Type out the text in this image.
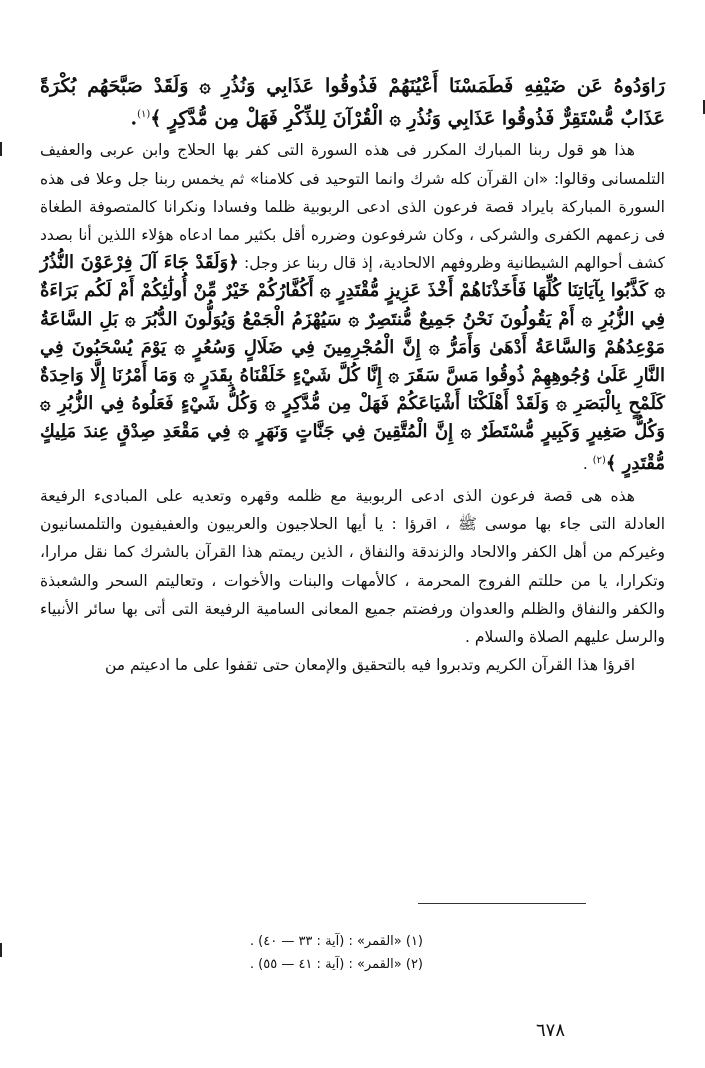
رَاوَدُوهُ عَن ضَيْفِهِ فَطَمَسْنَا أَعْيُنَهُمْ فَذُوقُوا عَذَابِي وَنُذُرِ ۞ وَلَقَدْ صَبَّحَهُم بُكْرَةً عَذَابٌ مُّسْتَقِرٌّ فَذُوقُوا عَذَابِي وَنُذُرِ ۞ الْقُرْآنَ لِلذِّكْرِ فَهَلْ مِن مُّدَّكِرٍ ﴾$^{(١)}$.

هذا هو قول ربنا المبارك المكرر فى هذه السورة التى كفر بها الحلاج وابن عربى والعفيف التلمسانى وقالوا: «ان القرآن كله شرك وانما التوحيد فى كلامنا» ثم يخمس ربنا جل وعلا فى هذه السورة المباركة بايراد قصة فرعون الذى ادعى الربوبية ظلما وفسادا ونكرانا كالمتصوفة الطغاة فى زعمهم الكفرى والشركى ، وكان شرفوعون وضرره أقل بكثير مما ادعاه هؤلاء اللذين أنا بصدد كشف أحوالهم الشيطانية وظروفهم الالحادية، إذ قال ربنا عز وجل: ﴿وَلَقَدْ جَاءَ آلَ فِرْعَوْنَ النُّذُرُ ۞ كَذَّبُوا بِآيَاتِنَا كُلِّهَا فَأَخَذْنَاهُمْ أَخْذَ عَزِيزٍ مُّقْتَدِرٍ ۞ أَكُفَّارُكُمْ خَيْرٌ مِّنْ أُولَٰئِكُمْ أَمْ لَكُم بَرَاءَةٌ فِي الزُّبُرِ ۞ أَمْ يَقُولُونَ نَحْنُ جَمِيعٌ مُّنتَصِرٌ ۞ سَيُهْزَمُ الْجَمْعُ وَيُوَلُّونَ الدُّبُرَ ۞ بَلِ السَّاعَةُ مَوْعِدُهُمْ وَالسَّاعَةُ أَدْهَىٰ وَأَمَرُّ ۞ إِنَّ الْمُجْرِمِينَ فِي ضَلَالٍ وَسُعُرٍ ۞ يَوْمَ يُسْحَبُونَ فِي النَّارِ عَلَىٰ وُجُوهِهِمْ ذُوقُوا مَسَّ سَقَرَ ۞ إِنَّا كُلَّ شَيْءٍ خَلَقْنَاهُ بِقَدَرٍ ۞ وَمَا أَمْرُنَا إِلَّا وَاحِدَةٌ كَلَمْحٍ بِالْبَصَرِ ۞ وَلَقَدْ أَهْلَكْنَا أَشْيَاعَكُمْ فَهَلْ مِن مُّدَّكِرٍ ۞ وَكُلُّ شَيْءٍ فَعَلُوهُ فِي الزُّبُرِ ۞ وَكُلُّ صَغِيرٍ وَكَبِيرٍ مُّسْتَطَرٌ ۞ إِنَّ الْمُتَّقِينَ فِي جَنَّاتٍ وَنَهَرٍ ۞ فِي مَقْعَدِ صِدْقٍ عِندَ مَلِيكٍ مُّقْتَدِرٍ ﴾$^{(٢)}$ .

هذه هى قصة فرعون الذى ادعى الربوبية مع ظلمه وقهره وتعديه على المبادىء الرفيعة العادلة التى جاء بها موسى ﷺ ، اقرؤا : يا أيها الحلاجيون والعربيون والعفيفيون والتلمسانيون وغيركم من أهل الكفر والالحاد والزندقة والنفاق ، الذين ريمتم هذا القرآن بالشرك كما نقل مرارا، وتكرارا، يا من حللتم الفروج المحرمة ، كالأمهات والبنات والأخوات ، وتعاليتم السحر والشعبذة والكفر والنفاق والظلم والعدوان ورفضتم جميع المعانى السامية الرفيعة التى أتى بها سائر الأنبياء والرسل عليهم الصلاة والسلام .

اقرؤا هذا القرآن الكريم وتدبروا فيه بالتحقيق والإمعان حتى تقفوا على ما ادعيتم من

(١) «القمر» : (آية : ٣٣ — ٤٠) .
(٢) «القمر» : (آية : ٤١ — ٥٥) .
٦٧٨
